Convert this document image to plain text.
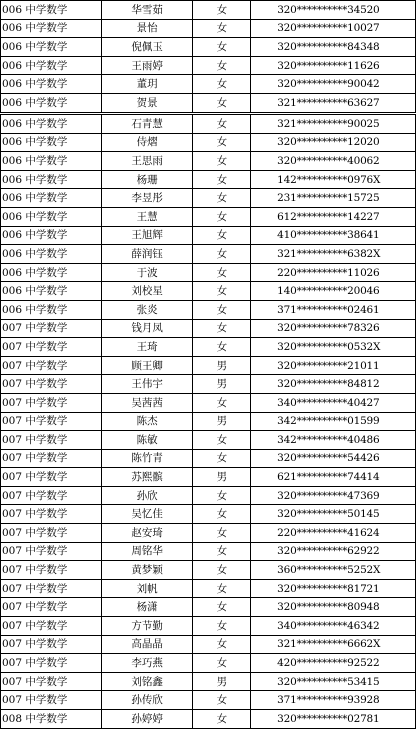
006 中学数学	华雪茹	女	320**********34520
006 中学数学	景怡	女	320**********10027
006 中学数学	倪佩玉	女	320**********84348
006 中学数学	王雨婷	女	320**********11626
006 中学数学	董玥	女	320**********90042
006 中学数学	贺景	女	321**********63627
006 中学数学	石青慧	女	321**********90025
006 中学数学	侍熠	女	320**********12020
006 中学数学	王思雨	女	320**********40062
006 中学数学	杨珊	女	142**********0976X
006 中学数学	李昱彤	女	231**********15725
006 中学数学	王慧	女	612**********14227
006 中学数学	王旭辉	女	410**********38641
006 中学数学	薛润钰	女	321**********6382X
006 中学数学	于波	女	220**********11026
006 中学数学	刘校星	女	140**********20046
006 中学数学	张炎	女	371**********02461
007 中学数学	钱月凤	女	320**********78326
007 中学数学	王琦	女	320**********0532X
007 中学数学	顾王卿	男	320**********21011
007 中学数学	王伟宇	男	320**********84812
007 中学数学	吴茜茜	女	340**********40427
007 中学数学	陈杰	男	342**********01599
007 中学数学	陈敏	女	342**********40486
007 中学数学	陈竹青	女	320**********54426
007 中学数学	苏熙髌	男	621**********74414
007 中学数学	孙欣	女	320**********47369
007 中学数学	吴忆佳	女	320**********50145
007 中学数学	赵安琦	女	220**********41624
007 中学数学	周铭华	女	320**********62922
007 中学数学	黄梦颖	女	360**********5252X
007 中学数学	刘帆	女	320**********81721
007 中学数学	杨潇	女	320**********80948
007 中学数学	方节勤	女	340**********46342
007 中学数学	高晶晶	女	321**********6662X
007 中学数学	李巧燕	女	420**********92522
007 中学数学	刘铭鑫	男	320**********53415
007 中学数学	孙传欣	女	371**********93928
008 中学数学	孙婷婷	女	320**********02781
